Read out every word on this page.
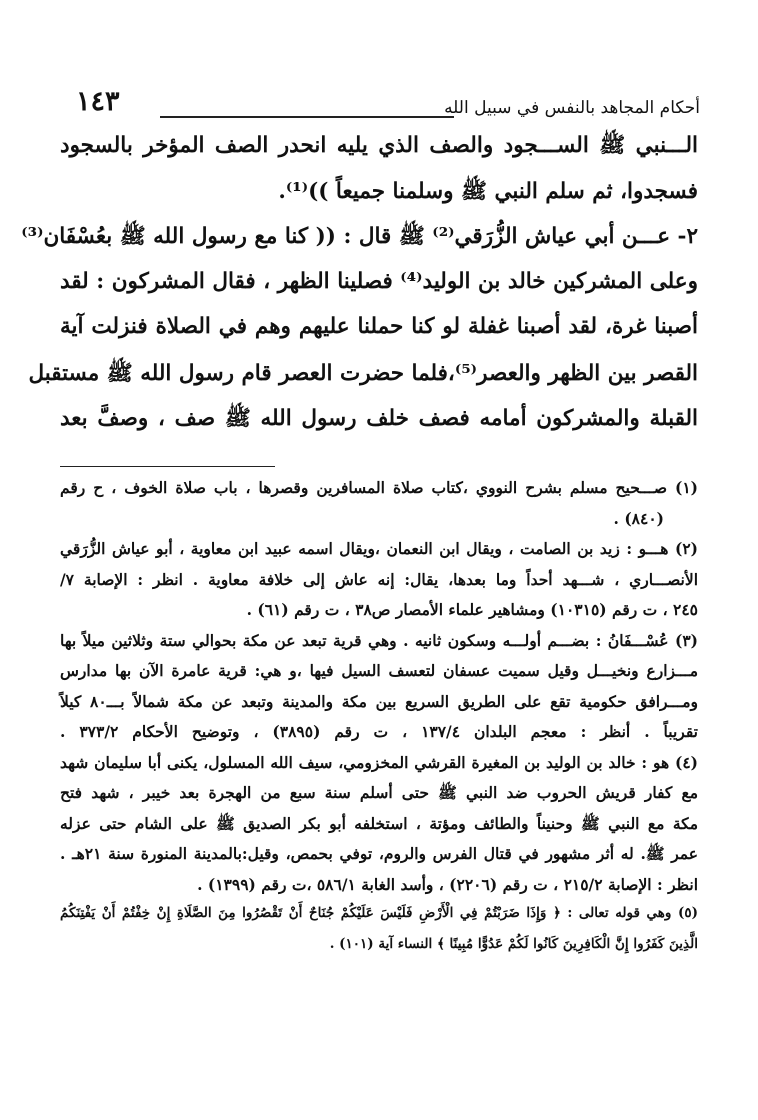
١٤٣	أحكام المجاهد بالنفس في سبيل الله
الـــنبي ﷺ الســـجود والصف الذي يليه انحدر الصف المؤخر بالسجود
فسجدوا، ثم سلم النبي ﷺ وسلمنا جميعاً ))⁽¹⁾.
٢- عـــن أبي عياش الزُّرَقي⁽²⁾ ﷺ قال : (( كنا مع رسول الله ﷺ بعُسْفَان⁽³⁾
وعلى المشركين خالد بن الوليد⁽⁴⁾ فصلينا الظهر ، فقال المشركون : لقد
أصبنا غرة، لقد أصبنا غفلة لو كنا حملنا عليهم وهم في الصلاة فنزلت آية
القصر بين الظهر والعصر⁽⁵⁾،فلما حضرت العصر قام رسول الله ﷺ مستقبل
القبلة والمشركون أمامه فصف خلف رسول الله ﷺ صف ، وصفَّ بعد
(١) صـــحيح مسلم بشرح النووي ،كتاب صلاة المسافرين وقصرها ، باب صلاة الخوف ، ح رقم
(٨٤٠) .
(٢) هـــو : زيد بن الصامت ، ويقال ابن النعمان ،ويقال اسمه عبيد ابن معاوية ، أبو عياش الزُّرَقي
الأنصـــاري ، شـــهد أحداً وما بعدها، يقال: إنه عاش إلى خلافة معاوية . انظر : الإصابة ٧/
٢٤٥ ، ت رقم (١٠٣١٥) ومشاهير علماء الأمصار ص٣٨ ، ت رقم (٦١) .
(٣) عُسْـــفَانُ : بضـــم أولـــه وسكون ثانيه . وهي قرية تبعد عن مكة بحوالي ستة وثلاثين ميلاً بها
مـــزارع ونخيـــل وقيل سميت عسفان لتعسف السيل فيها ،و هي: قرية عامرة الآن بها مدارس
ومـــرافق حكومية تقع على الطريق السريع بين مكة والمدينة وتبعد عن مكة شمالاً بـــ٨٠ كيلاً
تقريباً . أنظر : معجم البلدان ١٣٧/٤ ، ت رقم (٣٨٩٥) ، وتوضيح الأحكام ٣٧٣/٢ .
(٤) هو : خالد بن الوليد بن المغيرة القرشي المخزومي، سيف الله المسلول، يكنى أبا سليمان شهد
مع كفار قريش الحروب ضد النبي ﷺ حتى أسلم سنة سبع من الهجرة بعد خيبر ، شهد فتح
مكة مع النبي ﷺ وحنيناً والطائف ومؤتة ، استخلفه أبو بكر الصديق ﷺ على الشام حتى عزله
عمر ﷺ. له أثر مشهور في قتال الفرس والروم، توفي بحمص، وقيل:بالمدينة المنورة سنة ٢١هـ .
انظر : الإصابة ٢١٥/٢ ، ت رقم (٢٢٠٦) ، وأسد الغابة ٥٨٦/١ ،ت رقم (١٣٩٩) .
(٥) وهي قوله تعالى : ﴿ وَإِذَا ضَرَبْتُمْ فِي الْأَرْضِ فَلَيْسَ عَلَيْكُمْ جُنَاحٌ أَنْ تَقْصُرُوا مِنَ الصَّلَاةِ إِنْ خِفْتُمْ أَنْ يَفْتِنَكُمُ
الَّذِينَ كَفَرُوا إِنَّ الْكَافِرِينَ كَانُوا لَكُمْ عَدُوًّا مُبِينًا ﴾ النساء آية (١٠١) .
